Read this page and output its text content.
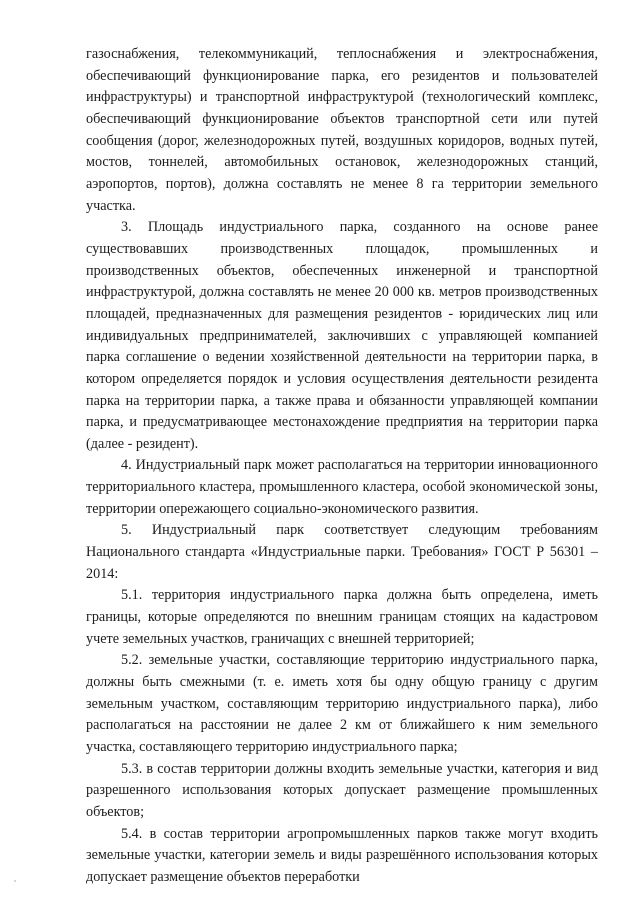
газоснабжения, телекоммуникаций, теплоснабжения и электроснабжения, обеспечивающий функционирование парка, его резидентов и пользователей инфраструктуры) и транспортной инфраструктурой (технологический комплекс, обеспечивающий функционирование объектов транспортной сети или путей сообщения (дорог, железнодорожных путей, воздушных коридоров, водных путей, мостов, тоннелей, автомобильных остановок, железнодорожных станций, аэропортов, портов), должна составлять не менее 8 га территории земельного участка.

3. Площадь индустриального парка, созданного на основе ранее существовавших производственных площадок, промышленных и производственных объектов, обеспеченных инженерной и транспортной инфраструктурой, должна составлять не менее 20 000 кв. метров производственных площадей, предназначенных для размещения резидентов - юридических лиц или индивидуальных предпринимателей, заключивших с управляющей компанией парка соглашение о ведении хозяйственной деятельности на территории парка, в котором определяется порядок и условия осуществления деятельности резидента парка на территории парка, а также права и обязанности управляющей компании парка, и предусматривающее местонахождение предприятия на территории парка (далее - резидент).

4. Индустриальный парк может располагаться на территории инновационного территориального кластера, промышленного кластера, особой экономической зоны, территории опережающего социально-экономического развития.

5. Индустриальный парк соответствует следующим требованиям Национального стандарта «Индустриальные парки. Требования» ГОСТ Р 56301 – 2014:

5.1. территория индустриального парка должна быть определена, иметь границы, которые определяются по внешним границам стоящих на кадастровом учете земельных участков, граничащих с внешней территорией;

5.2. земельные участки, составляющие территорию индустриального парка, должны быть смежными (т. е. иметь хотя бы одну общую границу с другим земельным участком, составляющим территорию индустриального парка), либо располагаться на расстоянии не далее 2 км от ближайшего к ним земельного участка, составляющего территорию индустриального парка;

5.3. в состав территории должны входить земельные участки, категория и вид разрешенного использования которых допускает размещение промышленных объектов;

5.4. в состав территории агропромышленных парков также могут входить земельные участки, категории земель и виды разрешённого использования которых допускает размещение объектов переработки
